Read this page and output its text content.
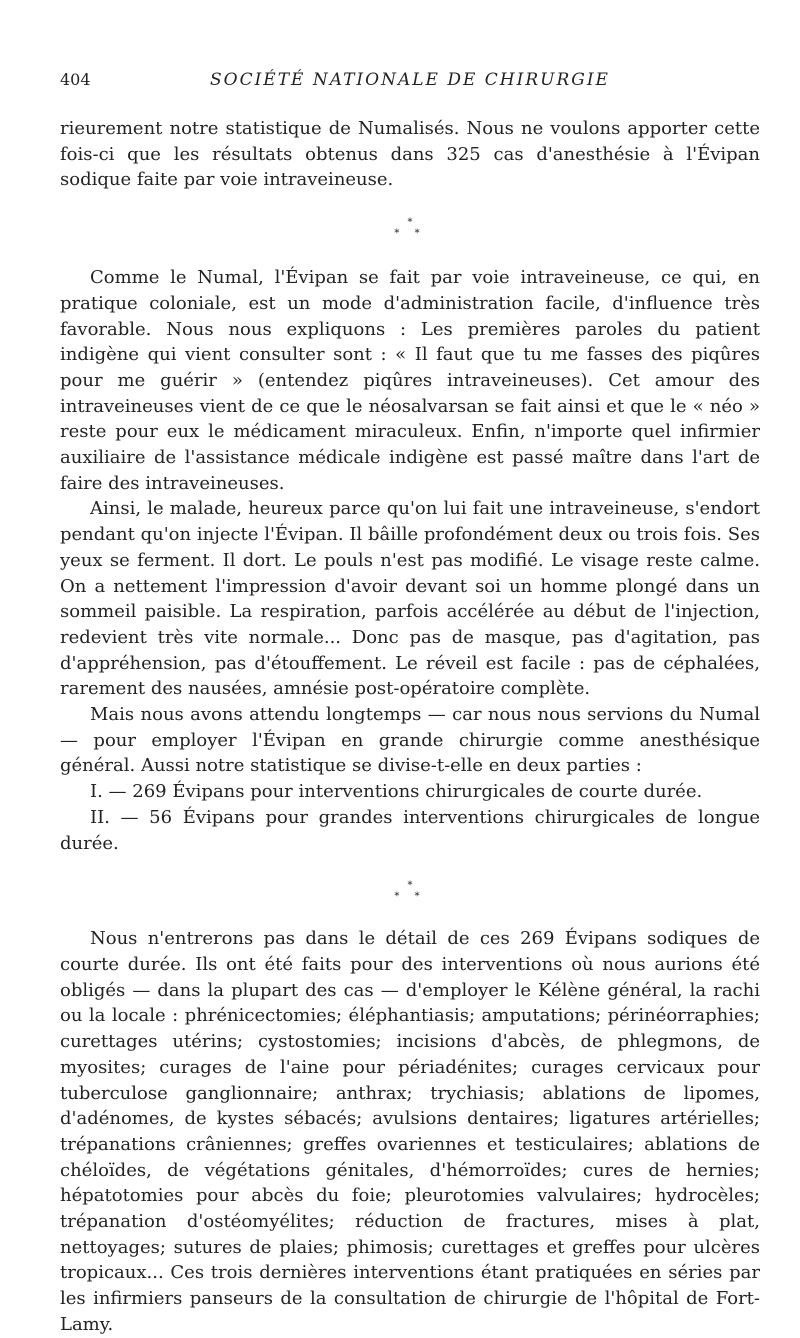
404	SOCIÉTÉ NATIONALE DE CHIRURGIE

rieurement notre statistique de Numalisés. Nous ne voulons apporter cette fois-ci que les résultats obtenus dans 325 cas d'anesthésie à l'Évipan sodique faite par voie intraveineuse.

*
* *

Comme le Numal, l'Évipan se fait par voie intraveineuse, ce qui, en pratique coloniale, est un mode d'administration facile, d'influence très favorable. Nous nous expliquons : Les premières paroles du patient indigène qui vient consulter sont : « Il faut que tu me fasses des piqûres pour me guérir » (entendez piqûres intraveineuses). Cet amour des intraveineuses vient de ce que le néosalvarsan se fait ainsi et que le « néo » reste pour eux le médicament miraculeux. Enfin, n'importe quel infirmier auxiliaire de l'assistance médicale indigène est passé maître dans l'art de faire des intraveineuses.

Ainsi, le malade, heureux parce qu'on lui fait une intraveineuse, s'endort pendant qu'on injecte l'Évipan. Il bâille profondément deux ou trois fois. Ses yeux se ferment. Il dort. Le pouls n'est pas modifié. Le visage reste calme. On a nettement l'impression d'avoir devant soi un homme plongé dans un sommeil paisible. La respiration, parfois accélérée au début de l'injection, redevient très vite normale... Donc pas de masque, pas d'agitation, pas d'appréhension, pas d'étouffement. Le réveil est facile : pas de céphalées, rarement des nausées, amnésie post-opératoire complète.

Mais nous avons attendu longtemps — car nous nous servions du Numal — pour employer l'Évipan en grande chirurgie comme anesthésique général. Aussi notre statistique se divise-t-elle en deux parties :

I. — 269 Évipans pour interventions chirurgicales de courte durée.

II. — 56 Évipans pour grandes interventions chirurgicales de longue durée.

*
* *

Nous n'entrerons pas dans le détail de ces 269 Évipans sodiques de courte durée. Ils ont été faits pour des interventions où nous aurions été obligés — dans la plupart des cas — d'employer le Kélène général, la rachi ou la locale : phrénicectomies; éléphantiasis; amputations; périnéorraphies; curettages utérins; cystostomies; incisions d'abcès, de phlegmons, de myosites; curages de l'aine pour périadénites; curages cervicaux pour tuberculose ganglionnaire; anthrax; trychiasis; ablations de lipomes, d'adénomes, de kystes sébacés; avulsions dentaires; ligatures artérielles; trépanations crâniennes; greffes ovariennes et testiculaires; ablations de chéloïdes, de végétations génitales, d'hémorroïdes; cures de hernies; hépatotomies pour abcès du foie; pleurotomies valvulaires; hydrocèles; trépanation d'ostéomyélites; réduction de fractures, mises à plat, nettoyages; sutures de plaies; phimosis; curettages et greffes pour ulcères tropicaux... Ces trois dernières interventions étant pratiquées en séries par les infirmiers panseurs de la consultation de chirurgie de l'hôpital de Fort-Lamy.
